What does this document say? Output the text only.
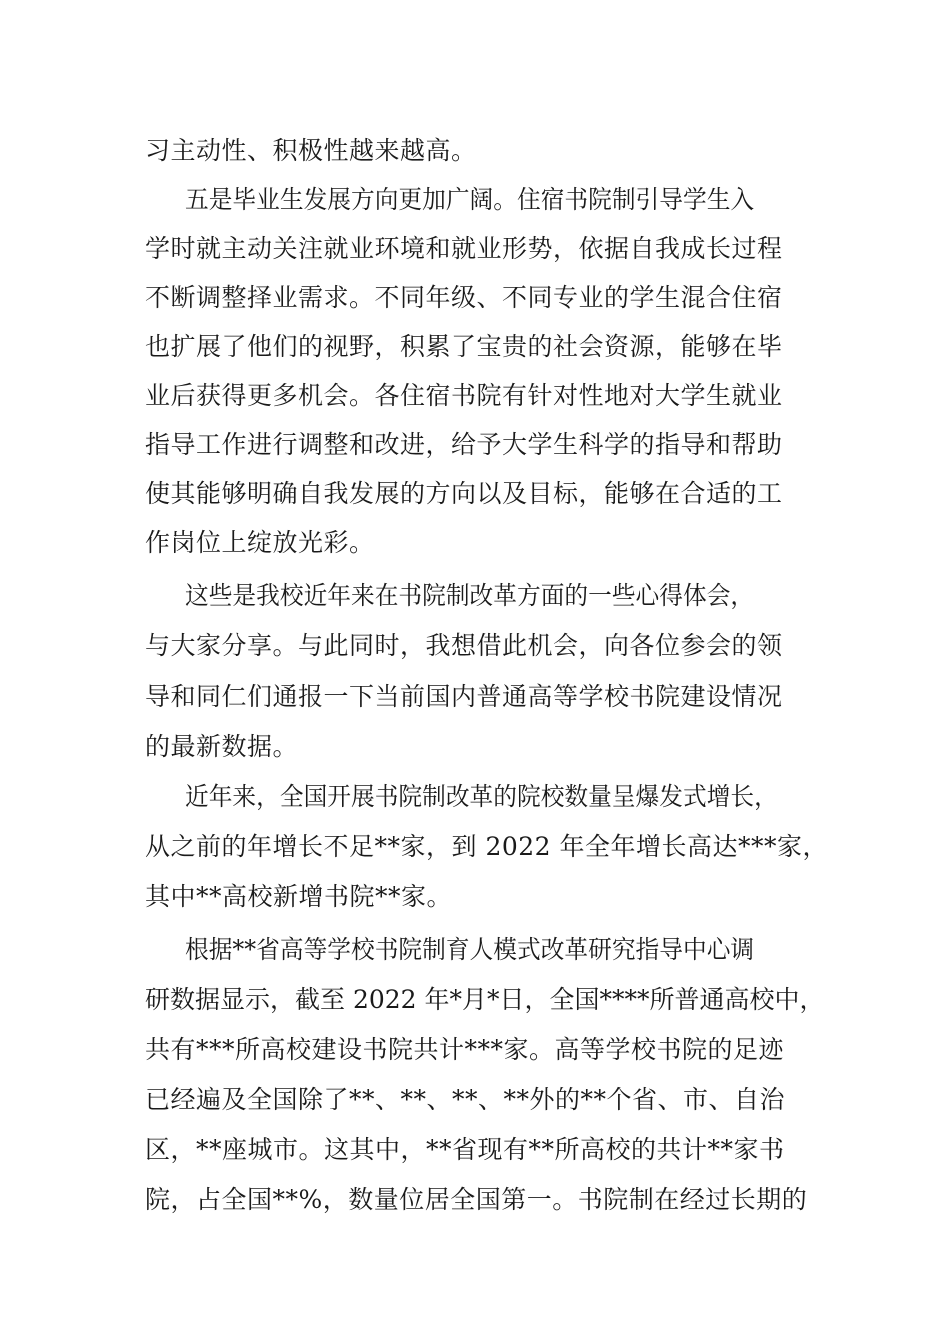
习主动性、积极性越来越高。
五是毕业生发展方向更加广阔。住宿书院制引导学生入
学时就主动关注就业环境和就业形势，依据自我成长过程
不断调整择业需求。不同年级、不同专业的学生混合住宿
也扩展了他们的视野，积累了宝贵的社会资源，能够在毕
业后获得更多机会。各住宿书院有针对性地对大学生就业
指导工作进行调整和改进，给予大学生科学的指导和帮助
使其能够明确自我发展的方向以及目标，能够在合适的工
作岗位上绽放光彩。
这些是我校近年来在书院制改革方面的一些心得体会，
与大家分享。与此同时，我想借此机会，向各位参会的领
导和同仁们通报一下当前国内普通高等学校书院建设情况
的最新数据。
近年来，全国开展书院制改革的院校数量呈爆发式增长，
从之前的年增长不足**家，到 2022 年全年增长高达***家，
其中**高校新增书院**家。
根据**省高等学校书院制育人模式改革研究指导中心调
研数据显示，截至 2022 年*月*日，全国****所普通高校中，
共有***所高校建设书院共计***家。高等学校书院的足迹
已经遍及全国除了**、**、**、**外的**个省、市、自治
区，**座城市。这其中，**省现有**所高校的共计**家书
院，占全国**%，数量位居全国第一。书院制在经过长期的
